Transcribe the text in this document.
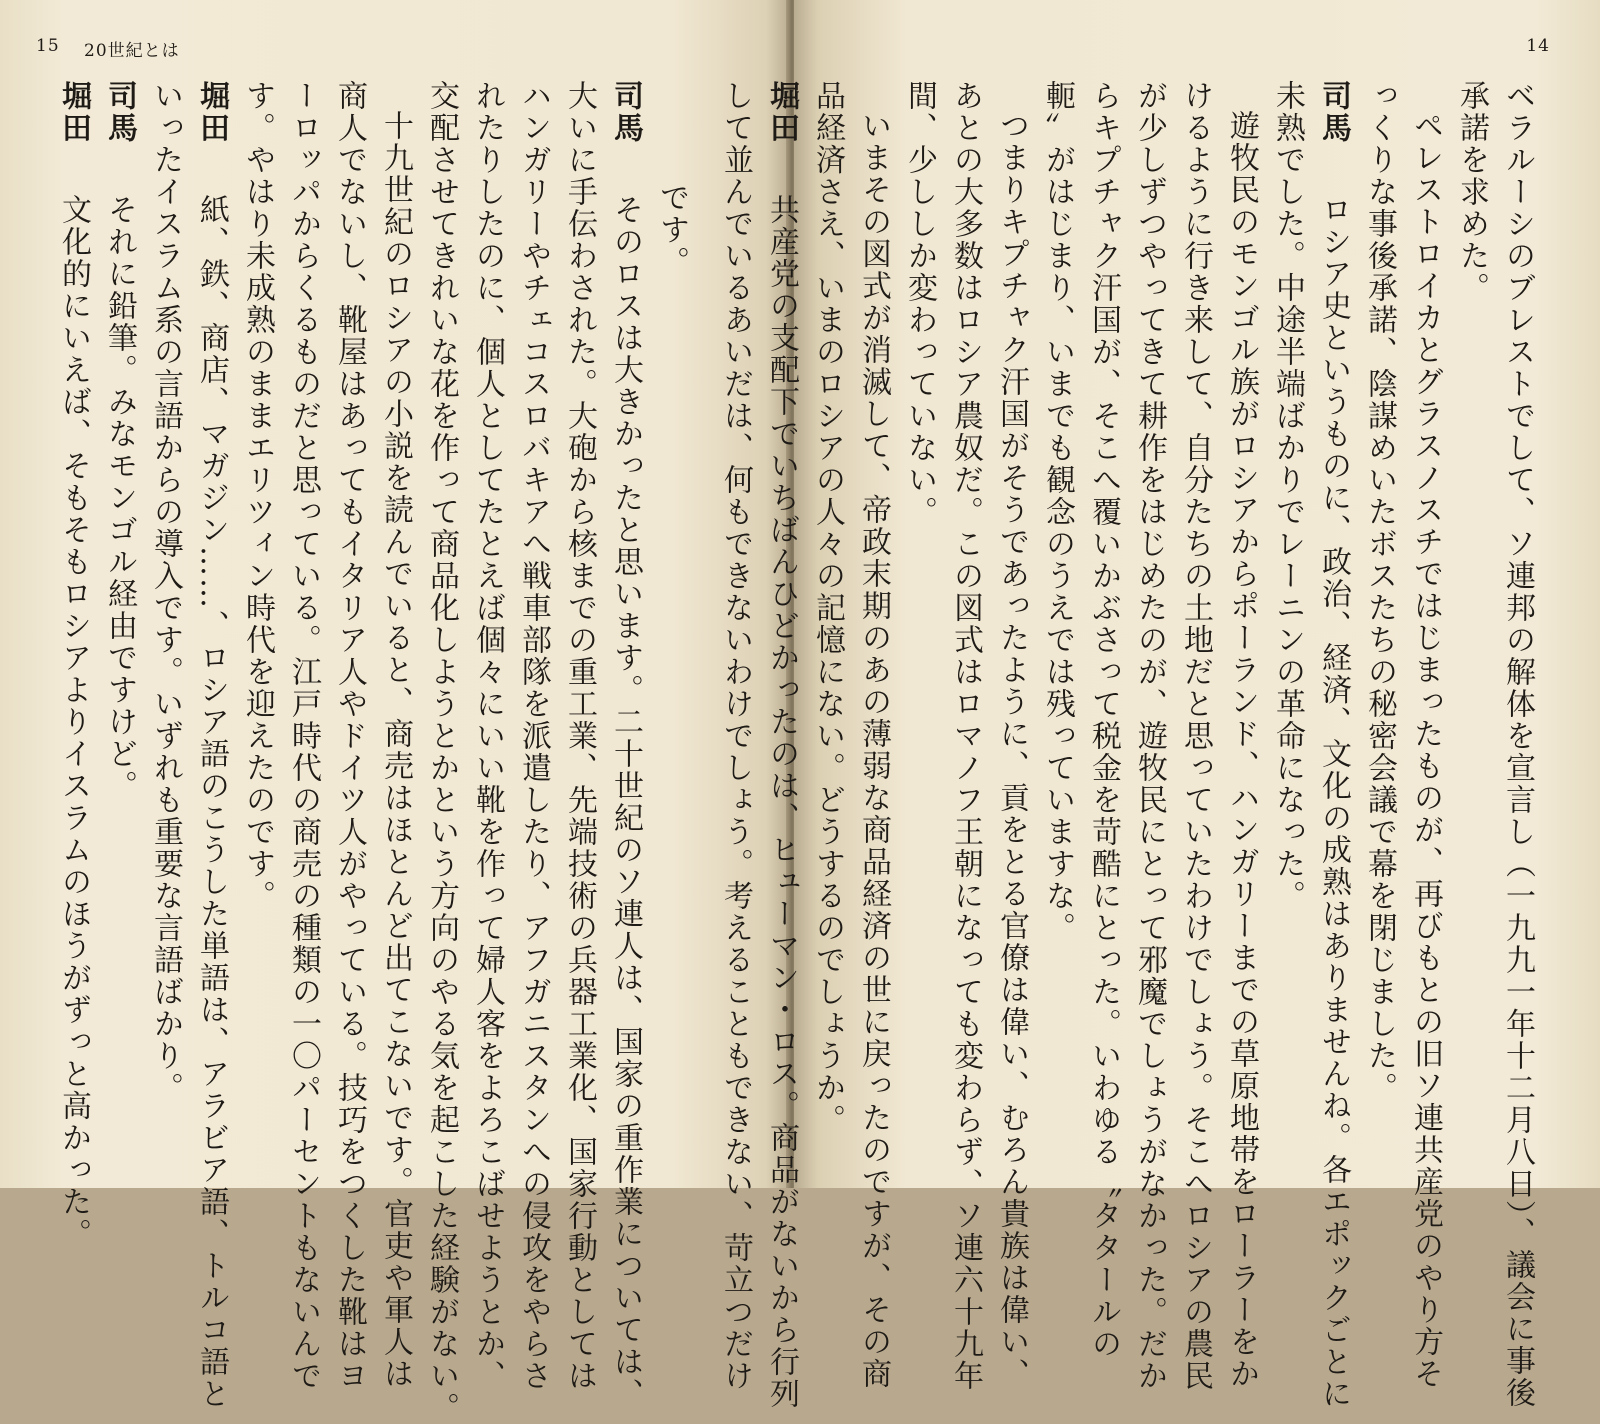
15 20世紀とは
です。
司馬　そのロスは大きかったと思います。二十世紀のソ連人は、国家の重作業については、
大いに手伝わされた。大砲から核までの重工業、先端技術の兵器工業化、国家行動としては
ハンガリーやチェコスロバキアへ戦車部隊を派遣したり、アフガニスタンへの侵攻をやらさ
れたりしたのに、個人としてたとえば個々にいい靴を作って婦人客をよろこばせようとか、
交配させてきれいな花を作って商品化しようとかという方向のやる気を起こした経験がない。
十九世紀のロシアの小説を読んでいると、商売はほとんど出てこないです。官吏や軍人は
商人でないし、靴屋はあってもイタリア人やドイツ人がやっている。技巧をつくした靴はヨ
ーロッパからくるものだと思っている。江戸時代の商売の種類の一〇パーセントもないんで
す。やはり未成熟のままエリツィン時代を迎えたのです。
堀田　紙、鉄、商店、マガジン……、ロシア語のこうした単語は、アラビア語、トルコ語と
いったイスラム系の言語からの導入です。いずれも重要な言語ばかり。
司馬　それに鉛筆。みなモンゴル経由ですけど。
堀田　文化的にいえば、そもそもロシアよりイスラムのほうがずっと高かった。
14
ベラルーシのブレストでして、ソ連邦の解体を宣言し（一九九一年十二月八日）、議会に事後
承諾を求めた。
ペレストロイカとグラスノスチではじまったものが、再びもとの旧ソ連共産党のやり方そ
っくりな事後承諾、陰謀めいたボスたちの秘密会議で幕を閉じました。
司馬　ロシア史というものに、政治、経済、文化の成熟はありませんね。各エポックごとに
未熟でした。中途半端ばかりでレーニンの革命になった。
遊牧民のモンゴル族がロシアからポーランド、ハンガリーまでの草原地帯をローラーをか
けるように行き来して、自分たちの土地だと思っていたわけでしょう。そこへロシアの農民
が少しずつやってきて耕作をはじめたのが、遊牧民にとって邪魔でしょうがなかった。だか
らキプチャク汗国が、そこへ覆いかぶさって税金を苛酷にとった。いわゆる〝タタールの
軛〟がはじまり、いまでも観念のうえでは残っていますな。
つまりキプチャク汗国がそうであったように、貢をとる官僚は偉い、むろん貴族は偉い、
あとの大多数はロシア農奴だ。この図式はロマノフ王朝になっても変わらず、ソ連六十九年
間、少ししか変わっていない。
いまその図式が消滅して、帝政末期のあの薄弱な商品経済の世に戻ったのですが、その商
品経済さえ、いまのロシアの人々の記憶にない。どうするのでしょうか。
堀田　共産党の支配下でいちばんひどかったのは、ヒューマン・ロス。商品がないから行列
して並んでいるあいだは、何もできないわけでしょう。考えることもできない、苛立つだけ
